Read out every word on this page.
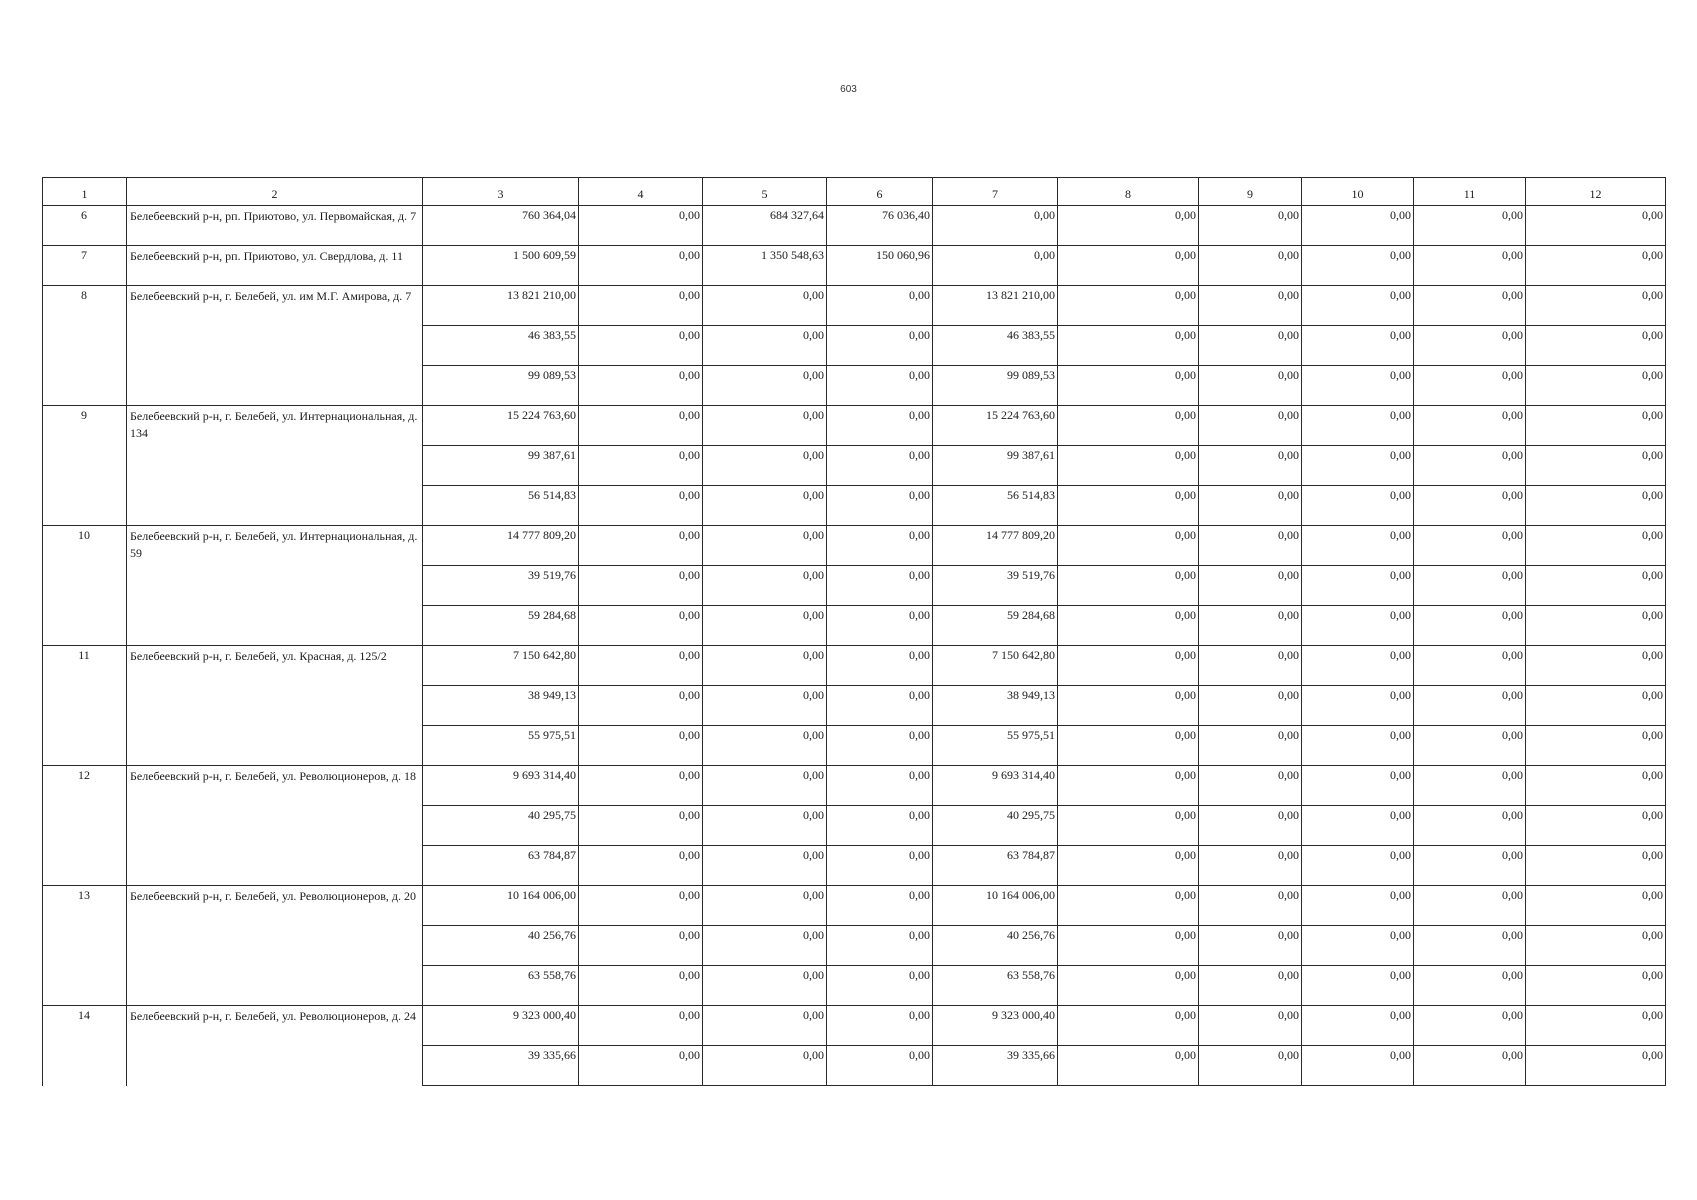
603
1	2	3	4	5	6	7	8	9	10	11	12
6	Белебеевский р-н, рп. Приютово, ул. Первомайская, д. 7	760 364,04	0,00	684 327,64	76 036,40	0,00	0,00	0,00	0,00	0,00	0,00
7	Белебеевский р-н, рп. Приютово, ул. Свердлова, д. 11	1 500 609,59	0,00	1 350 548,63	150 060,96	0,00	0,00	0,00	0,00	0,00	0,00
8	Белебеевский р-н, г. Белебей, ул. им М.Г. Амирова, д. 7	13 821 210,00	0,00	0,00	0,00	13 821 210,00	0,00	0,00	0,00	0,00	0,00
		46 383,55	0,00	0,00	0,00	46 383,55	0,00	0,00	0,00	0,00	0,00
		99 089,53	0,00	0,00	0,00	99 089,53	0,00	0,00	0,00	0,00	0,00
9	Белебеевский р-н, г. Белебей, ул. Интернациональная, д. 134	15 224 763,60	0,00	0,00	0,00	15 224 763,60	0,00	0,00	0,00	0,00	0,00
		99 387,61	0,00	0,00	0,00	99 387,61	0,00	0,00	0,00	0,00	0,00
		56 514,83	0,00	0,00	0,00	56 514,83	0,00	0,00	0,00	0,00	0,00
10	Белебеевский р-н, г. Белебей, ул. Интернациональная, д. 59	14 777 809,20	0,00	0,00	0,00	14 777 809,20	0,00	0,00	0,00	0,00	0,00
		39 519,76	0,00	0,00	0,00	39 519,76	0,00	0,00	0,00	0,00	0,00
		59 284,68	0,00	0,00	0,00	59 284,68	0,00	0,00	0,00	0,00	0,00
11	Белебеевский р-н, г. Белебей, ул. Красная, д. 125/2	7 150 642,80	0,00	0,00	0,00	7 150 642,80	0,00	0,00	0,00	0,00	0,00
		38 949,13	0,00	0,00	0,00	38 949,13	0,00	0,00	0,00	0,00	0,00
		55 975,51	0,00	0,00	0,00	55 975,51	0,00	0,00	0,00	0,00	0,00
12	Белебеевский р-н, г. Белебей, ул. Революционеров, д. 18	9 693 314,40	0,00	0,00	0,00	9 693 314,40	0,00	0,00	0,00	0,00	0,00
		40 295,75	0,00	0,00	0,00	40 295,75	0,00	0,00	0,00	0,00	0,00
		63 784,87	0,00	0,00	0,00	63 784,87	0,00	0,00	0,00	0,00	0,00
13	Белебеевский р-н, г. Белебей, ул. Революционеров, д. 20	10 164 006,00	0,00	0,00	0,00	10 164 006,00	0,00	0,00	0,00	0,00	0,00
		40 256,76	0,00	0,00	0,00	40 256,76	0,00	0,00	0,00	0,00	0,00
		63 558,76	0,00	0,00	0,00	63 558,76	0,00	0,00	0,00	0,00	0,00
14	Белебеевский р-н, г. Белебей, ул. Революционеров, д. 24	9 323 000,40	0,00	0,00	0,00	9 323 000,40	0,00	0,00	0,00	0,00	0,00
		39 335,66	0,00	0,00	0,00	39 335,66	0,00	0,00	0,00	0,00	0,00
